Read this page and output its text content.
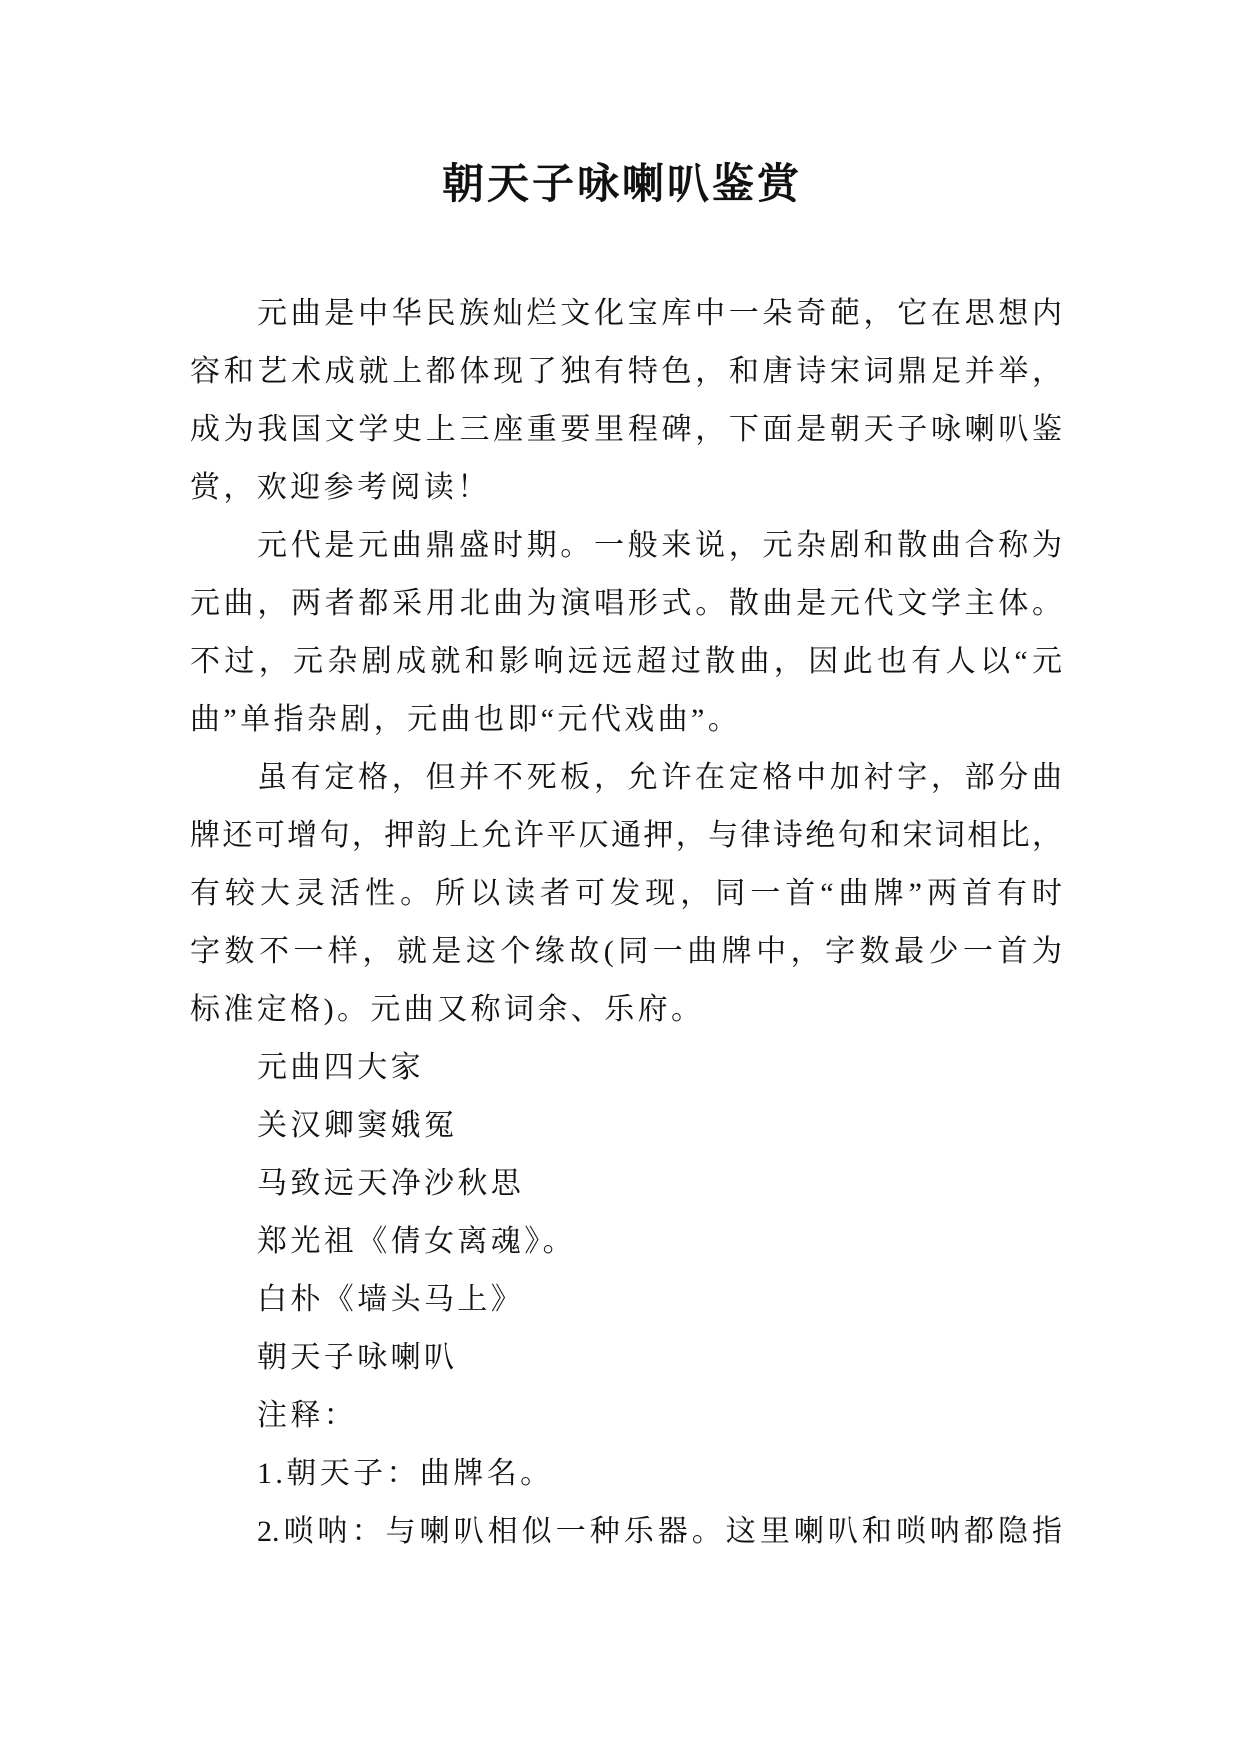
朝天子咏喇叭鉴赏
元曲是中华民族灿烂文化宝库中一朵奇葩，它在思想内
容和艺术成就上都体现了独有特色，和唐诗宋词鼎足并举，
成为我国文学史上三座重要里程碑，下面是朝天子咏喇叭鉴
赏，欢迎参考阅读！
元代是元曲鼎盛时期。一般来说，元杂剧和散曲合称为
元曲，两者都采用北曲为演唱形式。散曲是元代文学主体。
不过，元杂剧成就和影响远远超过散曲，因此也有人以“元
曲”单指杂剧，元曲也即“元代戏曲”。
虽有定格，但并不死板，允许在定格中加衬字，部分曲
牌还可增句，押韵上允许平仄通押，与律诗绝句和宋词相比，
有较大灵活性。所以读者可发现，同一首“曲牌”两首有时
字数不一样，就是这个缘故(同一曲牌中，字数最少一首为
标准定格)。元曲又称词余、乐府。
元曲四大家
关汉卿窦娥冤
马致远天净沙秋思
郑光祖《倩女离魂》。
白朴《墙头马上》
朝天子咏喇叭
注释：
1.朝天子：曲牌名。
2.唢呐：与喇叭相似一种乐器。这里喇叭和唢呐都隐指
